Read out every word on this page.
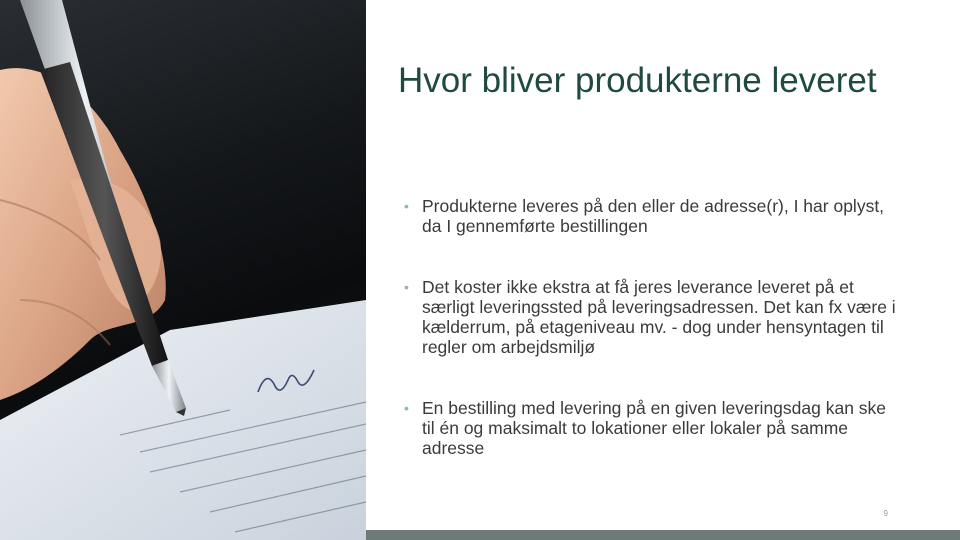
Hvor bliver produkterne leveret
• Produkterne leveres på den eller de adresse(r), I har oplyst, da I gennemførte bestillingen
• Det koster ikke ekstra at få jeres leverance leveret på et særligt leveringssted på leveringsadressen. Det kan fx være i kælderrum, på etageniveau mv. - dog under hensyntagen til regler om arbejdsmiljø
• En bestilling med levering på en given leveringsdag kan ske til én og maksimalt to lokationer eller lokaler på samme adresse
9
